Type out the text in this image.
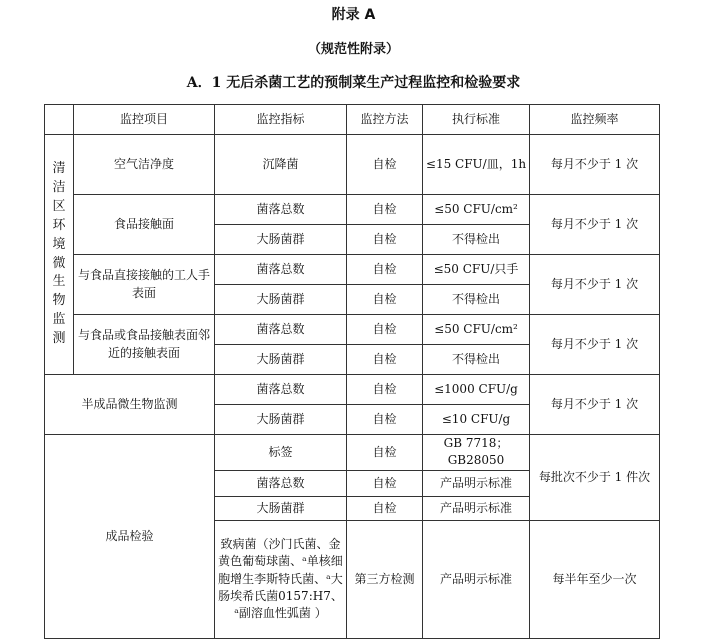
附录 A
（规范性附录）
A．1 无后杀菌工艺的预制菜生产过程监控和检验要求
	监控项目	监控指标	监控方法	执行标准	监控频率
清洁区环境微生物监测	空气洁净度	沉降菌	自检	≤15 CFU/皿，1h	每月不少于 1 次
	食品接触面	菌落总数	自检	≤50 CFU/cm²	每月不少于 1 次
		大肠菌群	自检	不得检出	
	与食品直接接触的工人手表面	菌落总数	自检	≤50 CFU/只手	每月不少于 1 次
		大肠菌群	自检	不得检出	
	与食品或食品接触表面邻近的接触表面	菌落总数	自检	≤50 CFU/cm²	每月不少于 1 次
		大肠菌群	自检	不得检出	
半成品微生物监测		菌落总数	自检	≤1000 CFU/g	每月不少于 1 次
		大肠菌群	自检	≤10 CFU/g	
成品检验		标签	自检	GB 7718；GB28050	每批次不少于 1 件次
		菌落总数	自检	产品明示标准	
		大肠菌群	自检	产品明示标准	
		致病菌（沙门氏菌、金黄色葡萄球菌、ᵃ单核细胞增生李斯特氏菌、ᵃ大肠埃希氏菌0157:H7、ᵃ副溶血性弧菌 ）	第三方检测	产品明示标准	每半年至少一次
